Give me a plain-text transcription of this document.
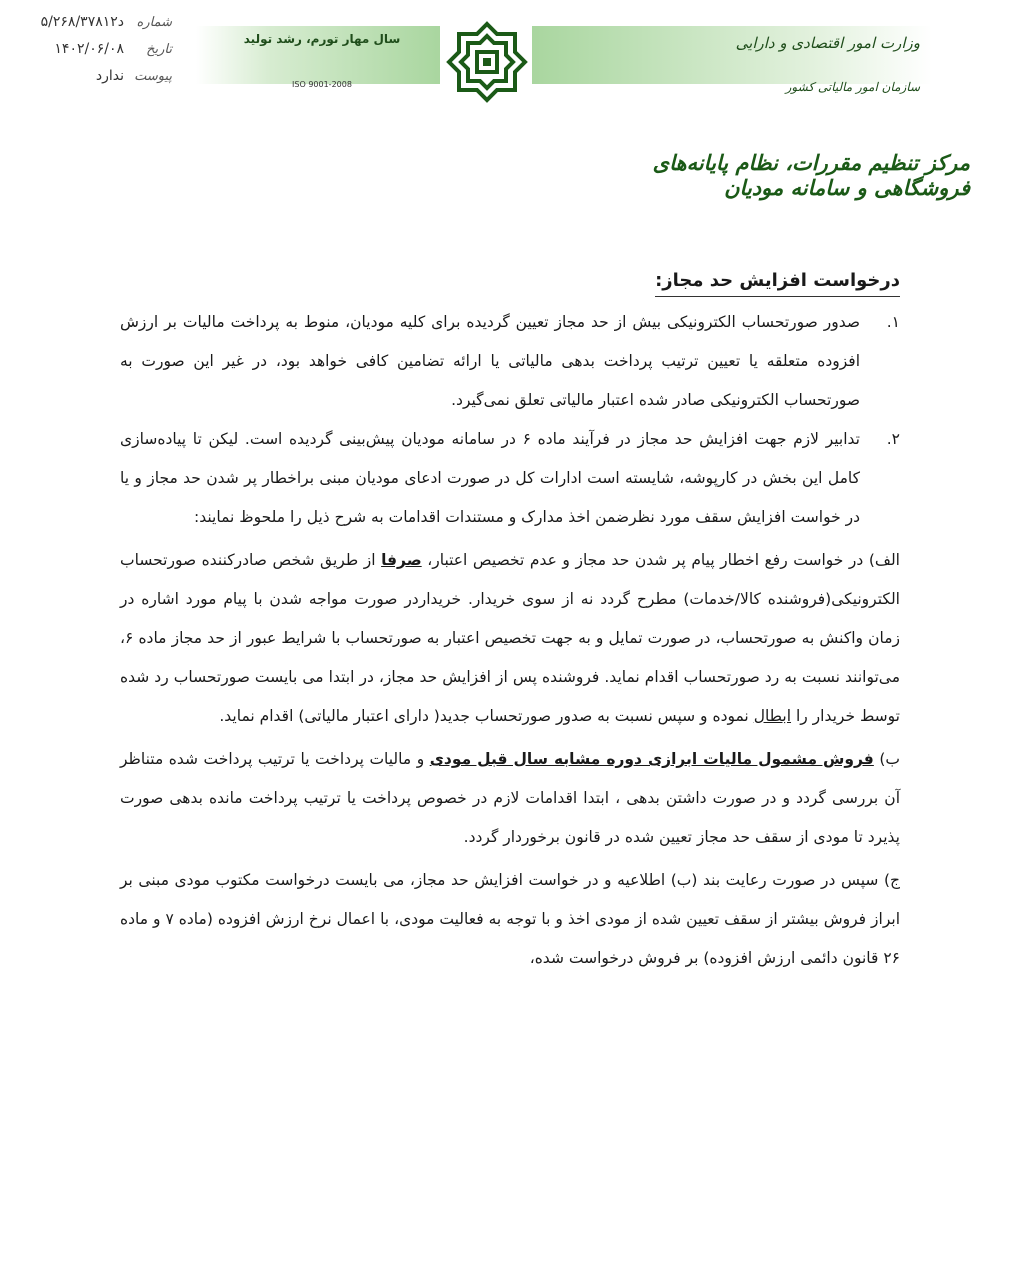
شماره
۵/۲۶۸/۳۷۸۱۲د
تاریخ
۱۴۰۲/۰۶/۰۸
پیوست
ندارد
سال مهار تورم، رشد تولید
ISO 9001-2008
وزارت امور اقتصادی و دارایی
سازمان امور مالیاتی کشور
مرکز تنظیم مقررات، نظام پایانه‌های فروشگاهی و سامانه مودیان
درخواست افزایش حد مجاز:
۱.
صدور صورتحساب الکترونیکی بیش از حد مجاز تعیین گردیده برای کلیه مودیان، منوط به پرداخت مالیات بر ارزش افزوده متعلقه یا تعیین ترتیب پرداخت بدهی مالیاتی یا ارائه تضامین کافی خواهد بود، در غیر این صورت به صورتحساب الکترونیکی صادر شده اعتبار مالیاتی تعلق نمی‌گیرد.
۲.
تدابیر لازم جهت افزایش حد مجاز در فرآیند ماده ۶ در سامانه مودیان پیش‌بینی گردیده است. لیکن تا پیاده‌سازی کامل این بخش در کارپوشه، شایسته است ادارات کل در صورت ادعای مودیان مبنی براخطار پر شدن حد مجاز و یا در خواست افزایش سقف مورد نظرضمن اخذ مدارک و مستندات اقدامات به شرح ذیل را ملحوظ نمایند:
الف) در خواست رفع اخطار پیام پر شدن حد مجاز و عدم تخصیص اعتبار، صرفا از طریق شخص صادرکننده صورتحساب الکترونیکی(فروشنده کالا/خدمات) مطرح گردد نه از سوی خریدار. خریداردر صورت مواجه شدن با پیام مورد اشاره در زمان واکنش به صورتحساب، در صورت تمایل و به جهت تخصیص اعتبار به صورتحساب با شرایط عبور از حد مجاز ماده ۶، می‌توانند نسبت به رد صورتحساب اقدام نماید. فروشنده پس از افزایش حد مجاز، در ابتدا می بایست صورتحساب رد شده توسط خریدار را ابطال نموده و سپس نسبت به صدور صورتحساب جدید( دارای اعتبار مالیاتی) اقدام نماید.
ب) فروش مشمول مالیات ابرازی دوره مشابه سال قبل مودی و مالیات پرداخت یا ترتیب پرداخت شده متناظر آن بررسی گردد و در صورت داشتن بدهی ، ابتدا اقدامات لازم در خصوص پرداخت یا ترتیب پرداخت مانده بدهی صورت پذیرد تا مودی از سقف حد مجاز تعیین شده در قانون برخوردار گردد.
ج) سپس در صورت رعایت بند (ب) اطلاعیه و در خواست افزایش حد مجاز، می بایست درخواست مکتوب مودی مبنی بر ابراز فروش بیشتر از سقف تعیین شده از مودی اخذ و با توجه به فعالیت مودی، با اعمال نرخ ارزش افزوده (ماده ۷ و ماده ۲۶ قانون دائمی ارزش افزوده) بر فروش درخواست شده،
